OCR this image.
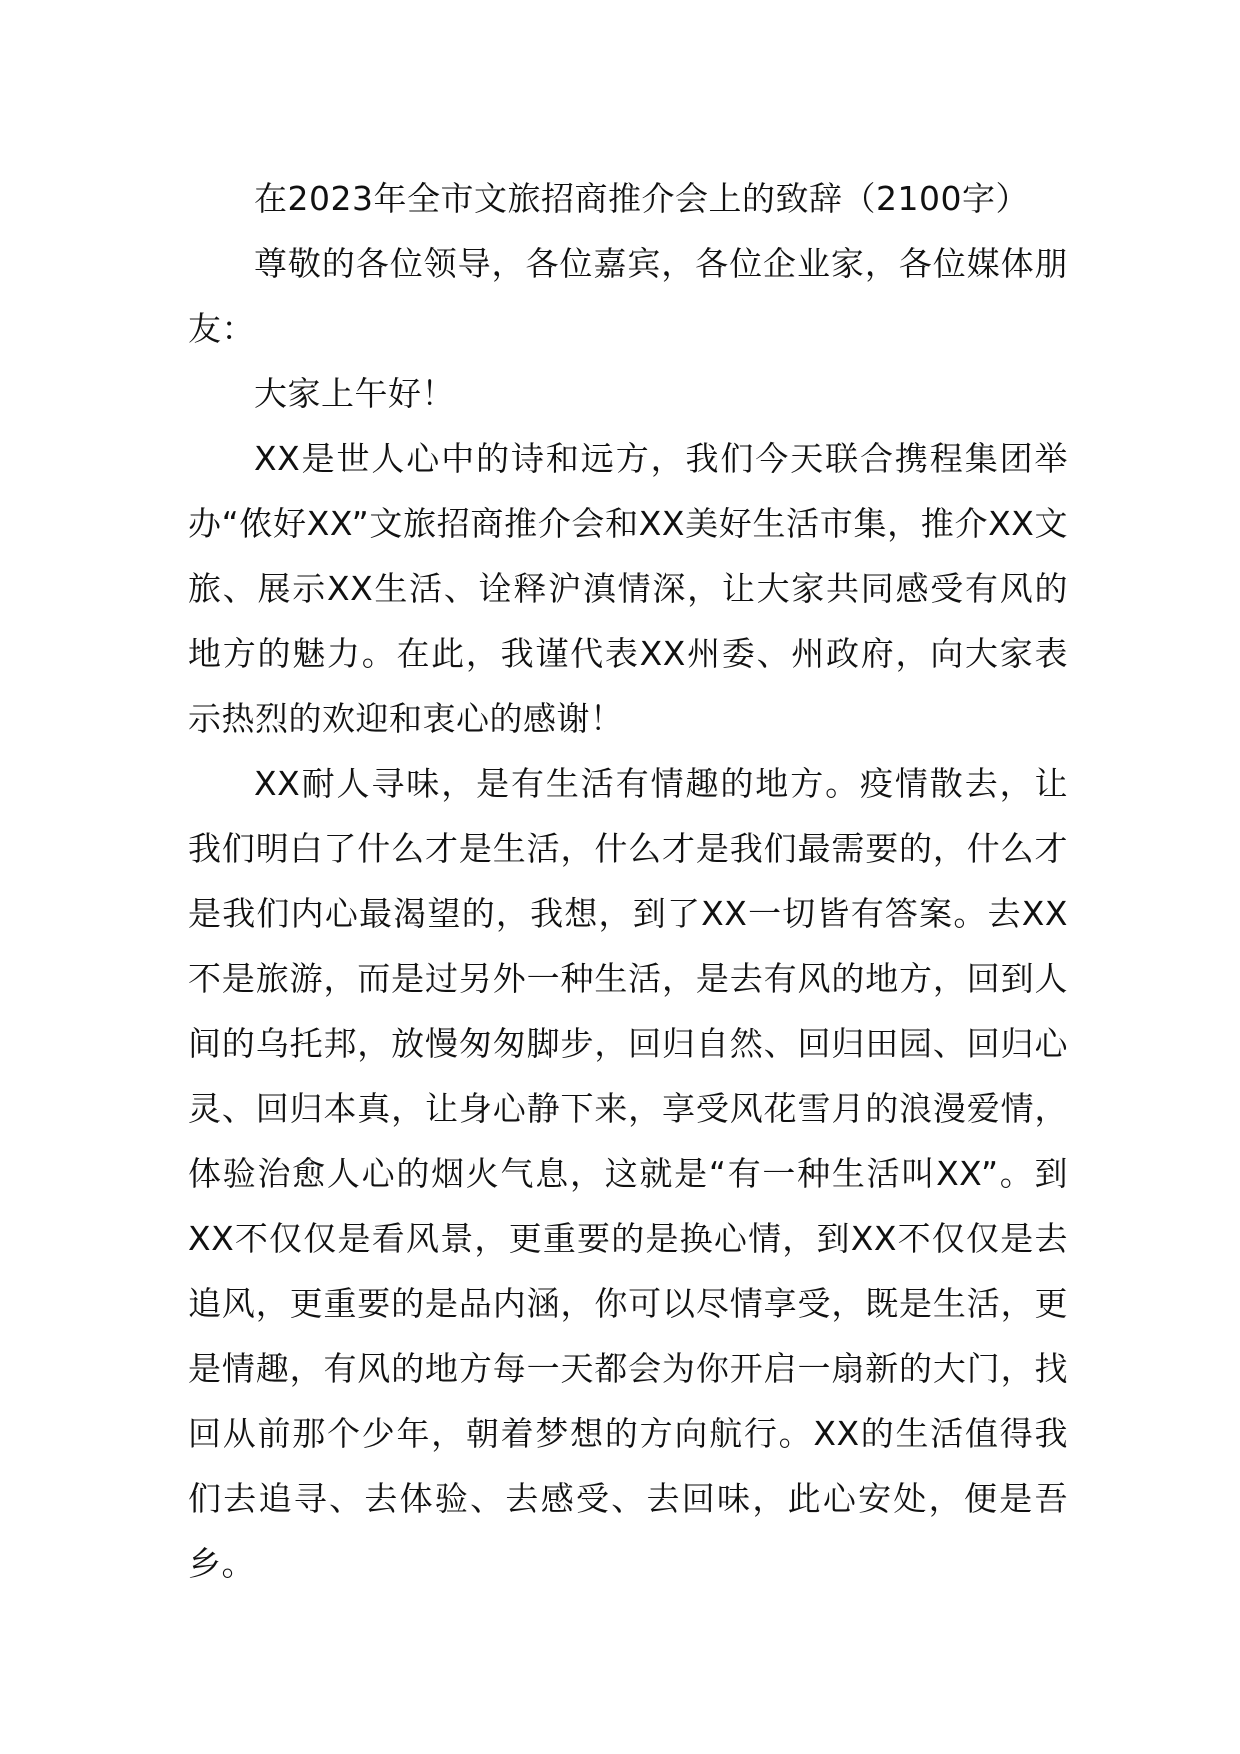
在2023年全市文旅招商推介会上的致辞（2100字）

尊敬的各位领导，各位嘉宾，各位企业家，各位媒体朋友：

大家上午好！

XX是世人心中的诗和远方，我们今天联合携程集团举办“侬好XX”文旅招商推介会和XX美好生活市集，推介XX文旅、展示XX生活、诠释沪滇情深，让大家共同感受有风的地方的魅力。在此，我谨代表XX州委、州政府，向大家表示热烈的欢迎和衷心的感谢！

XX耐人寻味，是有生活有情趣的地方。疫情散去，让我们明白了什么才是生活，什么才是我们最需要的，什么才是我们内心最渴望的，我想，到了XX一切皆有答案。去XX不是旅游，而是过另外一种生活，是去有风的地方，回到人间的乌托邦，放慢匆匆脚步，回归自然、回归田园、回归心灵、回归本真，让身心静下来，享受风花雪月的浪漫爱情，体验治愈人心的烟火气息，这就是“有一种生活叫XX”。到XX不仅仅是看风景，更重要的是换心情，到XX不仅仅是去追风，更重要的是品内涵，你可以尽情享受，既是生活，更是情趣，有风的地方每一天都会为你开启一扇新的大门，找回从前那个少年，朝着梦想的方向航行。XX的生活值得我们去追寻、去体验、去感受、去回味，此心安处，便是吾乡。
